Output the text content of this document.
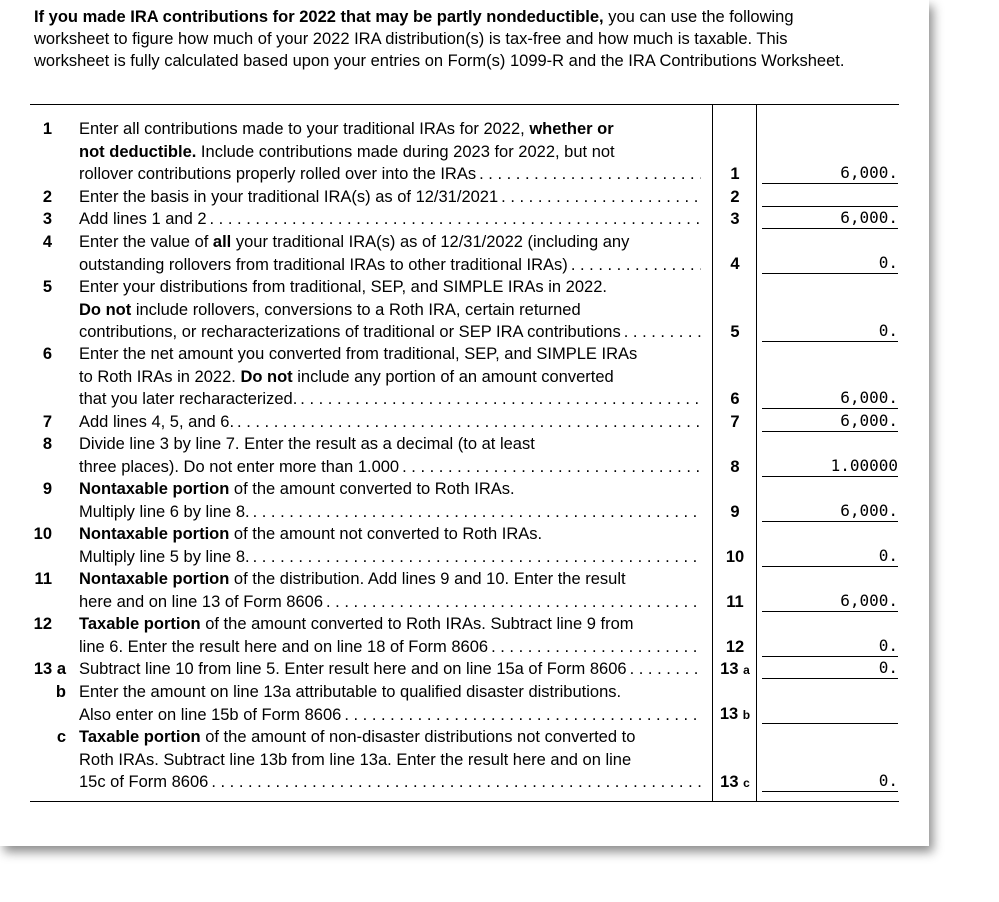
If you made IRA contributions for 2022 that may be partly nondeductible, you can use the following worksheet to figure how much of your 2022 IRA distribution(s) is tax-free and how much is taxable. This worksheet is fully calculated based upon your entries on Form(s) 1099-R and the IRA Contributions Worksheet.
1 Enter all contributions made to your traditional IRAs for 2022, whether or
not deductible. Include contributions made during 2023 for 2022, but not
rollover contributions properly rolled over into the IRAs . . .	1	6,000.
2 Enter the basis in your traditional IRA(s) as of 12/31/2021 . . .	2
3 Add lines 1 and 2 . . .	3	6,000.
4 Enter the value of all your traditional IRA(s) as of 12/31/2022 (including any
outstanding rollovers from traditional IRAs to other traditional IRAs) . . .	4	0.
5 Enter your distributions from traditional, SEP, and SIMPLE IRAs in 2022.
Do not include rollovers, conversions to a Roth IRA, certain returned
contributions, or recharacterizations of traditional or SEP IRA contributions . . .	5	0.
6 Enter the net amount you converted from traditional, SEP, and SIMPLE IRAs
to Roth IRAs in 2022. Do not include any portion of an amount converted
that you later recharacterized. . . .	6	6,000.
7 Add lines 4, 5, and 6. . . .	7	6,000.
8 Divide line 3 by line 7. Enter the result as a decimal (to at least
three places). Do not enter more than 1.000 . . .	8	1.00000
9 Nontaxable portion of the amount converted to Roth IRAs.
Multiply line 6 by line 8. . . .	9	6,000.
10 Nontaxable portion of the amount not converted to Roth IRAs.
Multiply line 5 by line 8. . . .	10	0.
11 Nontaxable portion of the distribution. Add lines 9 and 10. Enter the result
here and on line 13 of Form 8606 . . .	11	6,000.
12 Taxable portion of the amount converted to Roth IRAs. Subtract line 9 from
line 6. Enter the result here and on line 18 of Form 8606 . . .	12	0.
13 a Subtract line 10 from line 5. Enter result here and on line 15a of Form 8606 . . .	13 a	0.
b Enter the amount on line 13a attributable to qualified disaster distributions.
Also enter on line 15b of Form 8606 . . .	13 b
c Taxable portion of the amount of non-disaster distributions not converted to
Roth IRAs. Subtract line 13b from line 13a. Enter the result here and on line
15c of Form 8606 . . .	13 c	0.
